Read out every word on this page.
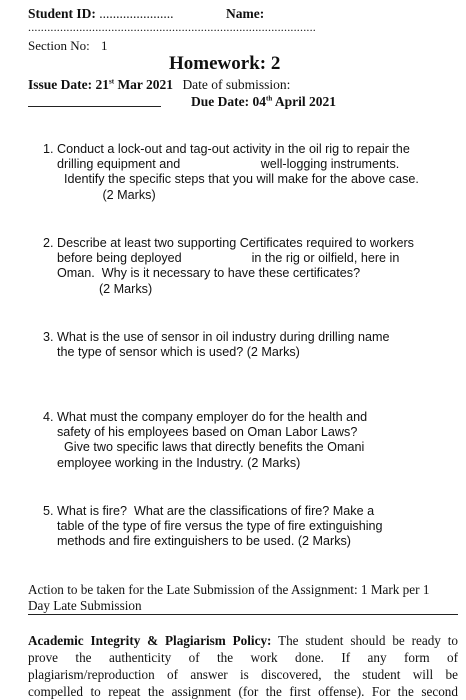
Student ID: ......................	Name:
..........................................................................................
Section No: 1
Homework: 2
Issue Date: 21st Mar 2021 Date of submission:
Due Date: 04th April 2021
1. Conduct a lock-out and tag-out activity in the oil rig to repair the
drilling equipment and                       well-logging instruments.
Identify the specific steps that you will make for the above case.
(2 Marks)
2. Describe at least two supporting Certificates required to workers
before being deployed                    in the rig or oilfield, here in
Oman.  Why is it necessary to have these certificates?
(2 Marks)
3. What is the use of sensor in oil industry during drilling name
the type of sensor which is used? (2 Marks)
4. What must the company employer do for the health and
safety of his employees based on Oman Labor Laws?
Give two specific laws that directly benefits the Omani
employee working in the Industry. (2 Marks)
5. What is fire?  What are the classifications of fire? Make a
table of the type of fire versus the type of fire extinguishing
methods and fire extinguishers to be used. (2 Marks)
Action to be taken for the Late Submission of the Assignment: 1 Mark per 1
Day Late Submission
Academic Integrity & Plagiarism Policy: The student should be ready to
prove the authenticity of the work done. If any form of
plagiarism/reproduction of answer is discovered, the student will be
compelled to repeat the assignment (for the first offense). For the second
